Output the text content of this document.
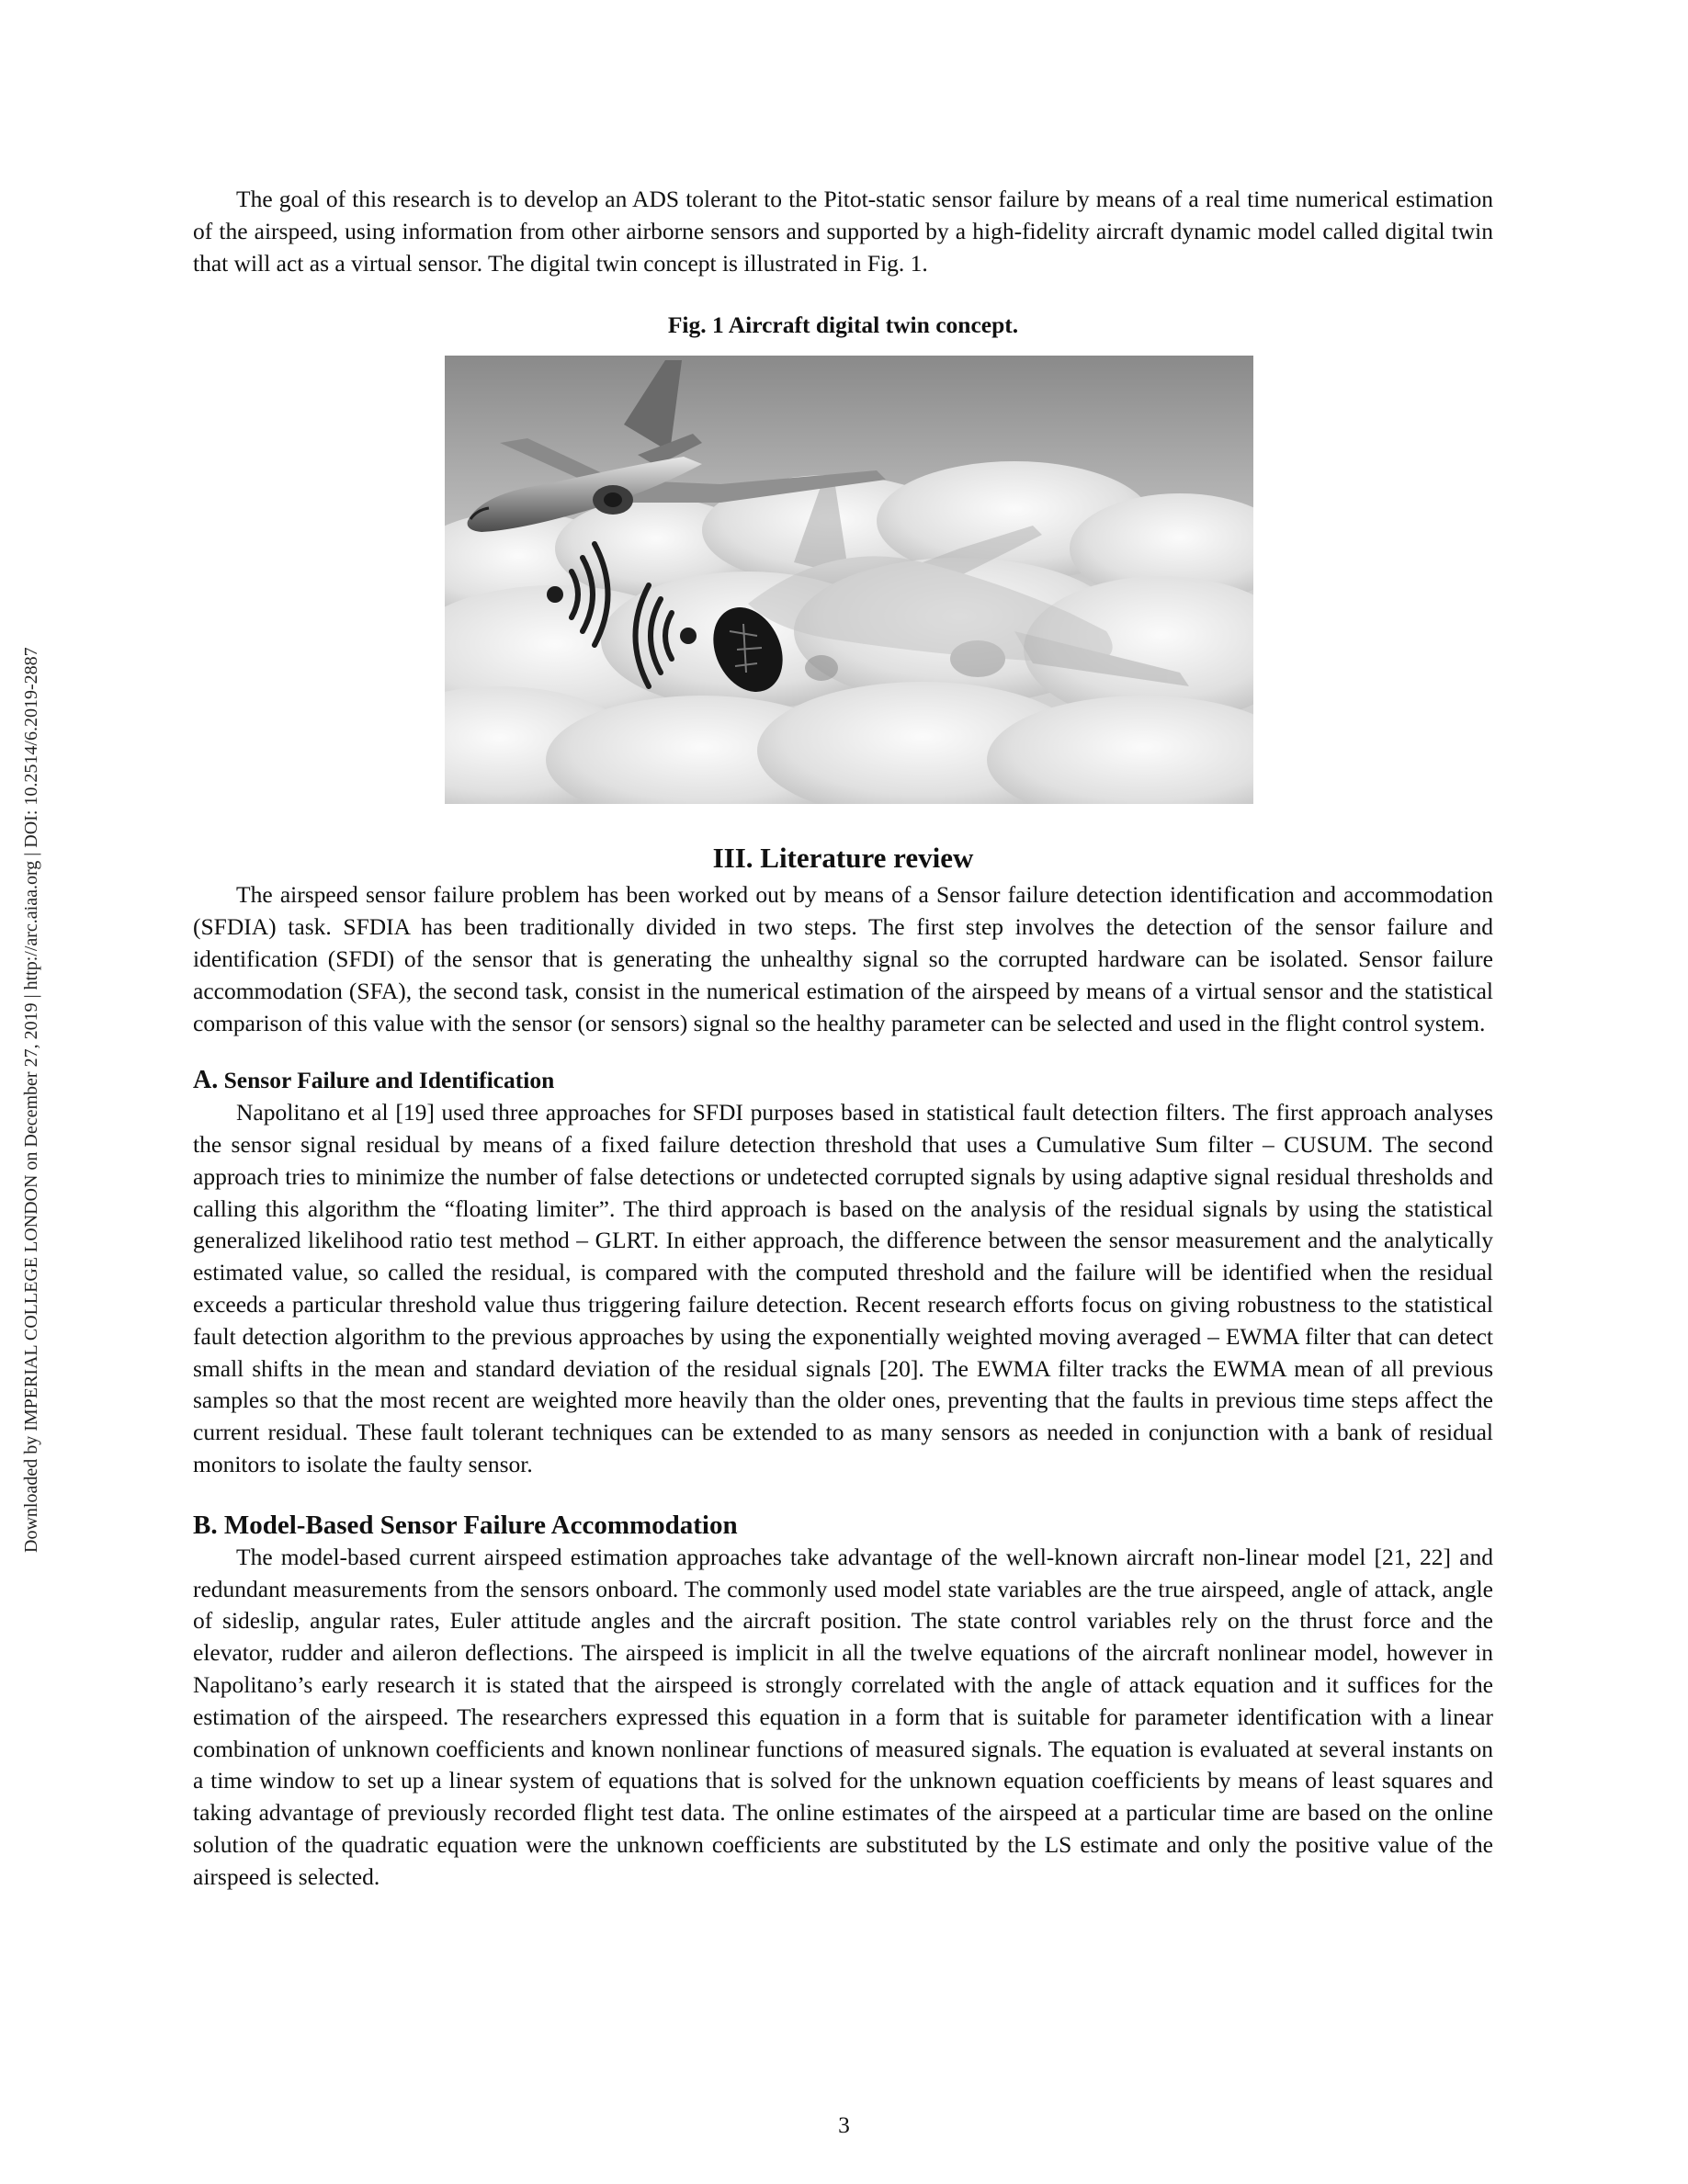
Downloaded by IMPERIAL COLLEGE LONDON on December 27, 2019 | http://arc.aiaa.org | DOI: 10.2514/6.2019-2887

The goal of this research is to develop an ADS tolerant to the Pitot-static sensor failure by means of a real time numerical estimation of the airspeed, using information from other airborne sensors and supported by a high-fidelity aircraft dynamic model called digital twin that will act as a virtual sensor. The digital twin concept is illustrated in Fig. 1.

Fig. 1 Aircraft digital twin concept.
III. Literature review

The airspeed sensor failure problem has been worked out by means of a Sensor failure detection identification and accommodation (SFDIA) task. SFDIA has been traditionally divided in two steps. The first step involves the detection of the sensor failure and identification (SFDI) of the sensor that is generating the unhealthy signal so the corrupted hardware can be isolated. Sensor failure accommodation (SFA), the second task, consist in the numerical estimation of the airspeed by means of a virtual sensor and the statistical comparison of this value with the sensor (or sensors) signal so the healthy parameter can be selected and used in the flight control system.

A. Sensor Failure and Identification

Napolitano et al [19] used three approaches for SFDI purposes based in statistical fault detection filters. The first approach analyses the sensor signal residual by means of a fixed failure detection threshold that uses a Cumulative Sum filter – CUSUM. The second approach tries to minimize the number of false detections or undetected corrupted signals by using adaptive signal residual thresholds and calling this algorithm the “floating limiter”. The third approach is based on the analysis of the residual signals by using the statistical generalized likelihood ratio test method – GLRT. In either approach, the difference between the sensor measurement and the analytically estimated value, so called the residual, is compared with the computed threshold and the failure will be identified when the residual exceeds a particular threshold value thus triggering failure detection. Recent research efforts focus on giving robustness to the statistical fault detection algorithm to the previous approaches by using the exponentially weighted moving averaged – EWMA filter that can detect small shifts in the mean and standard deviation of the residual signals [20]. The EWMA filter tracks the EWMA mean of all previous samples so that the most recent are weighted more heavily than the older ones, preventing that the faults in previous time steps affect the current residual. These fault tolerant techniques can be extended to as many sensors as needed in conjunction with a bank of residual monitors to isolate the faulty sensor.

B. Model-Based Sensor Failure Accommodation

The model-based current airspeed estimation approaches take advantage of the well-known aircraft non-linear model [21, 22] and redundant measurements from the sensors onboard. The commonly used model state variables are the true airspeed, angle of attack, angle of sideslip, angular rates, Euler attitude angles and the aircraft position. The state control variables rely on the thrust force and the elevator, rudder and aileron deflections. The airspeed is implicit in all the twelve equations of the aircraft nonlinear model, however in Napolitano’s early research it is stated that the airspeed is strongly correlated with the angle of attack equation and it suffices for the estimation of the airspeed. The researchers expressed this equation in a form that is suitable for parameter identification with a linear combination of unknown coefficients and known nonlinear functions of measured signals. The equation is evaluated at several instants on a time window to set up a linear system of equations that is solved for the unknown equation coefficients by means of least squares and taking advantage of previously recorded flight test data. The online estimates of the airspeed at a particular time are based on the online solution of the quadratic equation were the unknown coefficients are substituted by the LS estimate and only the positive value of the airspeed is selected.

3
